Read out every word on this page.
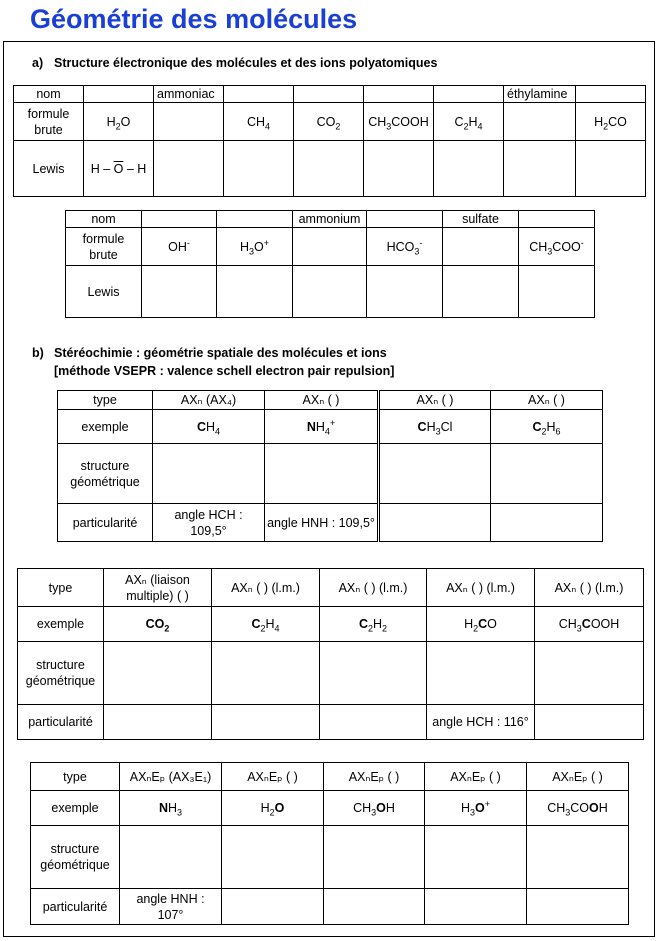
Géométrie des molécules
a) Structure électronique des molécules et des ions polyatomiques
nom		ammoniac					éthylamine	
formule brute	$H_2O$		$CH_4$	$CO_2$	$CH_3COOH$	$C_2H_4$		$H_2CO$
Lewis	H – $\overline{O}$ – H							
nom			ammonium		sulfate	
formule brute	OH-	$H_3O^+$		$HCO_3^-$		$CH_3COO^-$
Lewis						
b) Stéréochimie : géométrie spatiale des molécules et ions
[méthode VSEPR : valence schell electron pair repulsion]
type	AXₙ (AX₄)	AXₙ ( )	AXₙ ( )	AXₙ ( )
exemple	$CH_4$	$NH_4^+$	$CH_3Cl$	$C_2H_6$
structure géométrique				
particularité	angle HCH : 109,5°	angle HNH : 109,5°		
type	AXₙ (liaison multiple) ( )	AXₙ ( ) (l.m.)	AXₙ ( ) (l.m.)	AXₙ ( ) (l.m.)	AXₙ ( ) (l.m.)
exemple	$CO_2$	$C_2H_4$	$C_2H_2$	$H_2CO$	$CH_3COOH$
structure géométrique					
particularité				angle HCH : 116°	
type	AXₙEₚ (AX₃E₁)	AXₙEₚ ( )	AXₙEₚ ( )	AXₙEₚ ( )	AXₙEₚ ( )
exemple	$NH_3$	$H_2O$	$CH_3OH$	$H_3O^+$	$CH_3COOH$
structure géométrique					
particularité	angle HNH : 107°				
